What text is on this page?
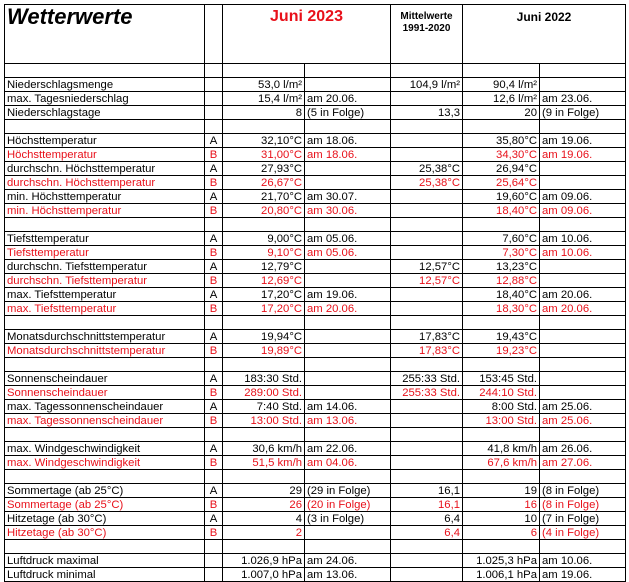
Wetterwerte		Juni 2023		Mittelwerte
1991-2020	Juni 2022	

Niederschlagsmenge		53,0 l/m²		104,9 l/m²	90,4 l/m²	
max. Tagesniederschlag		15,4 l/m²	am 20.06.		12,6 l/m²	am 23.06.
Niederschlagstage		8	(5 in Folge)	13,3	20	(9 in Folge)

Höchsttemperatur	A	32,10°C	am 18.06.		35,80°C	am 19.06.
Höchsttemperatur	B	31,00°C	am 18.06.		34,30°C	am 19.06.
durchschn. Höchsttemperatur	A	27,93°C		25,38°C	26,94°C	
durchschn. Höchsttemperatur	B	26,67°C		25,38°C	25,64°C	
min. Höchsttemperatur	A	21,70°C	am 30.07.		19,60°C	am 09.06.
min. Höchsttemperatur	B	20,80°C	am 30.06.		18,40°C	am 09.06.

Tiefsttemperatur	A	9,00°C	am 05.06.		7,60°C	am 10.06.
Tiefsttemperatur	B	9,10°C	am 05.06.		7,30°C	am 10.06.
durchschn. Tiefsttemperatur	A	12,79°C		12,57°C	13,23°C	
durchschn. Tiefsttemperatur	B	12,69°C		12,57°C	12,88°C	
max. Tiefsttemperatur	A	17,20°C	am 19.06.		18,40°C	am 20.06.
max. Tiefsttemperatur	B	17,20°C	am 20.06.		18,30°C	am 20.06.

Monatsdurchschnittstemperatur	A	19,94°C		17,83°C	19,43°C	
Monatsdurchschnittstemperatur	B	19,89°C		17,83°C	19,23°C	

Sonnenscheindauer	A	183:30 Std.		255:33 Std.	153:45 Std.	
Sonnenscheindauer	B	289:00 Std.		255:33 Std.	244:10 Std.	
max. Tagessonnenscheindauer	A	7:40 Std.	am 14.06.		8:00 Std.	am 25.06.
max. Tagessonnenscheindauer	B	13:00 Std.	am 13.06.		13:00 Std.	am 25.06.

max. Windgeschwindigkeit	A	30,6 km/h	am 22.06.		41,8 km/h	am 26.06.
max. Windgeschwindigkeit	B	51,5 km/h	am 04.06.		67,6 km/h	am 27.06.

Sommertage (ab 25°C)	A	29	(29 in Folge)	16,1	19	(8 in Folge)
Sommertage (ab 25°C)	B	26	(20 in Folge)	16,1	16	(8 in Folge)
Hitzetage (ab 30°C)	A	4	(3 in Folge)	6,4	10	(7 in Folge)
Hitzetage (ab 30°C)	B	2		6,4	6	(4 in Folge)

Luftdruck maximal		1.026,9 hPa	am 24.06.		1.025,3 hPa	am 10.06.
Luftdruck minimal		1.007,0 hPa	am 13.06.		1.006,1 hPa	am 19.06.
